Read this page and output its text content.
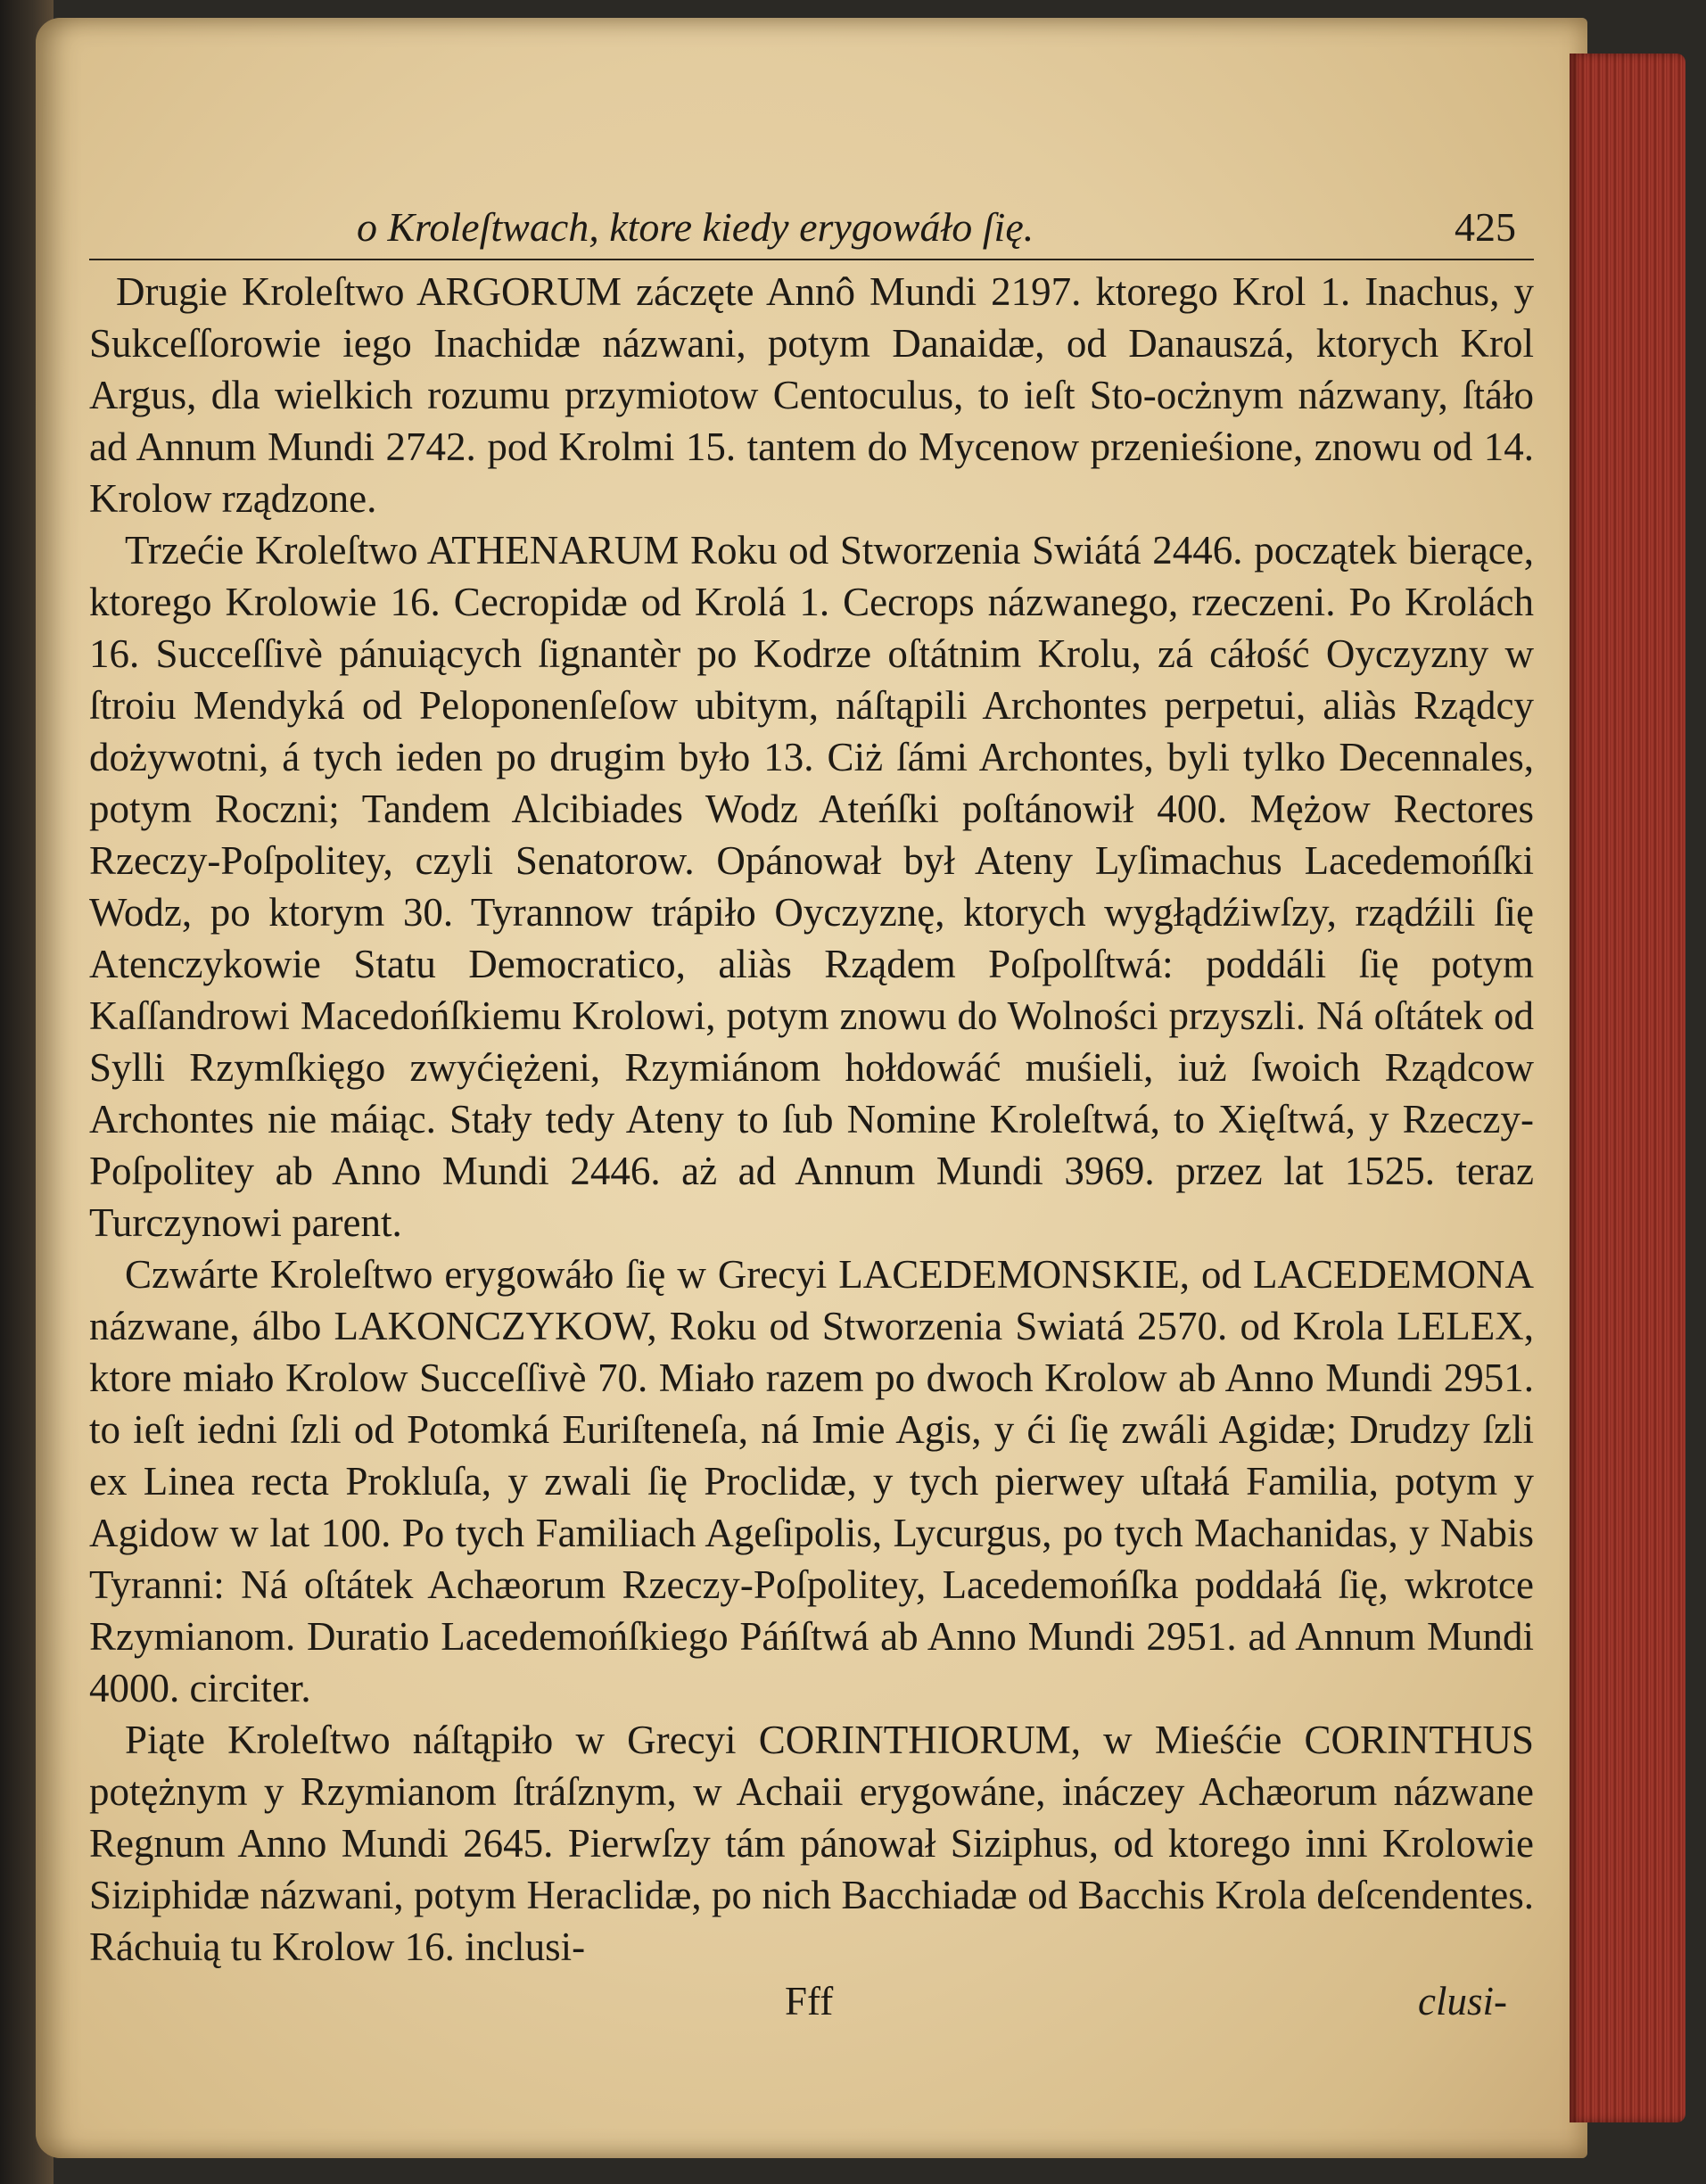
o Kroleſtwach, ktore kiedy erygowáło ſię.	425

Drugie Kroleſtwo ARGORUM záczęte Annô Mundi 2197. ktorego Krol 1. Inachus, y Sukceſſorowie iego Inachidæ názwani, potym Danaidæ, od Danauszá, ktorych Krol Argus, dla wielkich rozumu przymiotow Centoculus, to ieſt Sto-ocżnym názwany, ſtáło ad Annum Mundi 2742. pod Krolmi 15. tantem do Mycenow przenieśione, znowu od 14. Krolow rządzone.

Trzećie Kroleſtwo ATHENARUM Roku od Stworzenia Swiátá 2446. początek bierące, ktorego Krolowie 16. Cecropidæ od Krolá 1. Cecrops názwanego, rzeczeni. Po Krolách 16. Succeſſivè pánuiących ſignantèr po Kodrze oſtátnim Krolu, zá cáłość Oyczyzny w ſtroiu Mendyká od Peloponenſeſow ubitym, náſtąpili Archontes perpetui, aliàs Rządcy dożywotni, á tych ieden po drugim było 13. Ciż ſámi Archontes, byli tylko Decennales, potym Roczni; Tandem Alcibiades Wodz Ateńſki poſtánowił 400. Mężow Rectores Rzeczy-Poſpolitey, czyli Senatorow. Opánował był Ateny Lyſimachus Lacedemońſki Wodz, po ktorym 30. Tyrannow trápiło Oyczyznę, ktorych wygłądźiwſzy, rządźili ſię Atenczykowie Statu Democratico, aliàs Rządem Poſpolſtwá: poddáli ſię potym Kaſſandrowi Macedońſkiemu Krolowi, potym znowu do Wolności przyszli. Ná oſtátek od Sylli Rzymſkięgo zwyćiężeni, Rzymiánom hołdowáć muśieli, iuż ſwoich Rządcow Archontes nie máiąc. Stały tedy Ateny to ſub Nomine Kroleſtwá, to Xięſtwá, y Rzeczy-Poſpolitey ab Anno Mundi 2446. aż ad Annum Mundi 3969. przez lat 1525. teraz Turczynowi parent.

Czwárte Kroleſtwo erygowáło ſię w Grecyi LACEDEMONSKIE, od LACEDEMONA názwane, álbo LAKONCZYKOW, Roku od Stworzenia Swiatá 2570. od Krola LELEX, ktore miało Krolow Succeſſivè 70. Miało razem po dwoch Krolow ab Anno Mundi 2951. to ieſt iedni ſzli od Potomká Euriſteneſa, ná Imie Agis, y ći ſię zwáli Agidæ; Drudzy ſzli ex Linea recta Prokluſa, y zwali ſię Proclidæ, y tych pierwey uſtałá Familia, potym y Agidow w lat 100. Po tych Familiach Ageſipolis, Lycurgus, po tych Machanidas, y Nabis Tyranni: Ná oſtátek Achæorum Rzeczy-Poſpolitey, Lacedemońſka poddałá ſię, wkrotce Rzymianom. Duratio Lacedemońſkiego Páńſtwá ab Anno Mundi 2951. ad Annum Mundi 4000. circiter.

Piąte Kroleſtwo náſtąpiło w Grecyi CORINTHIORUM, w Mieśćie CORINTHUS potężnym y Rzymianom ſtráſznym, w Achaii erygowáne, ináczey Achæorum názwane Regnum Anno Mundi 2645. Pierwſzy tám pánował Siziphus, od ktorego inni Krolowie Siziphidæ názwani, potym Heraclidæ, po nich Bacchiadæ od Bacchis Krola deſcendentes. Ráchuią tu Krolow 16. inclusi-

Fff	clusi-
